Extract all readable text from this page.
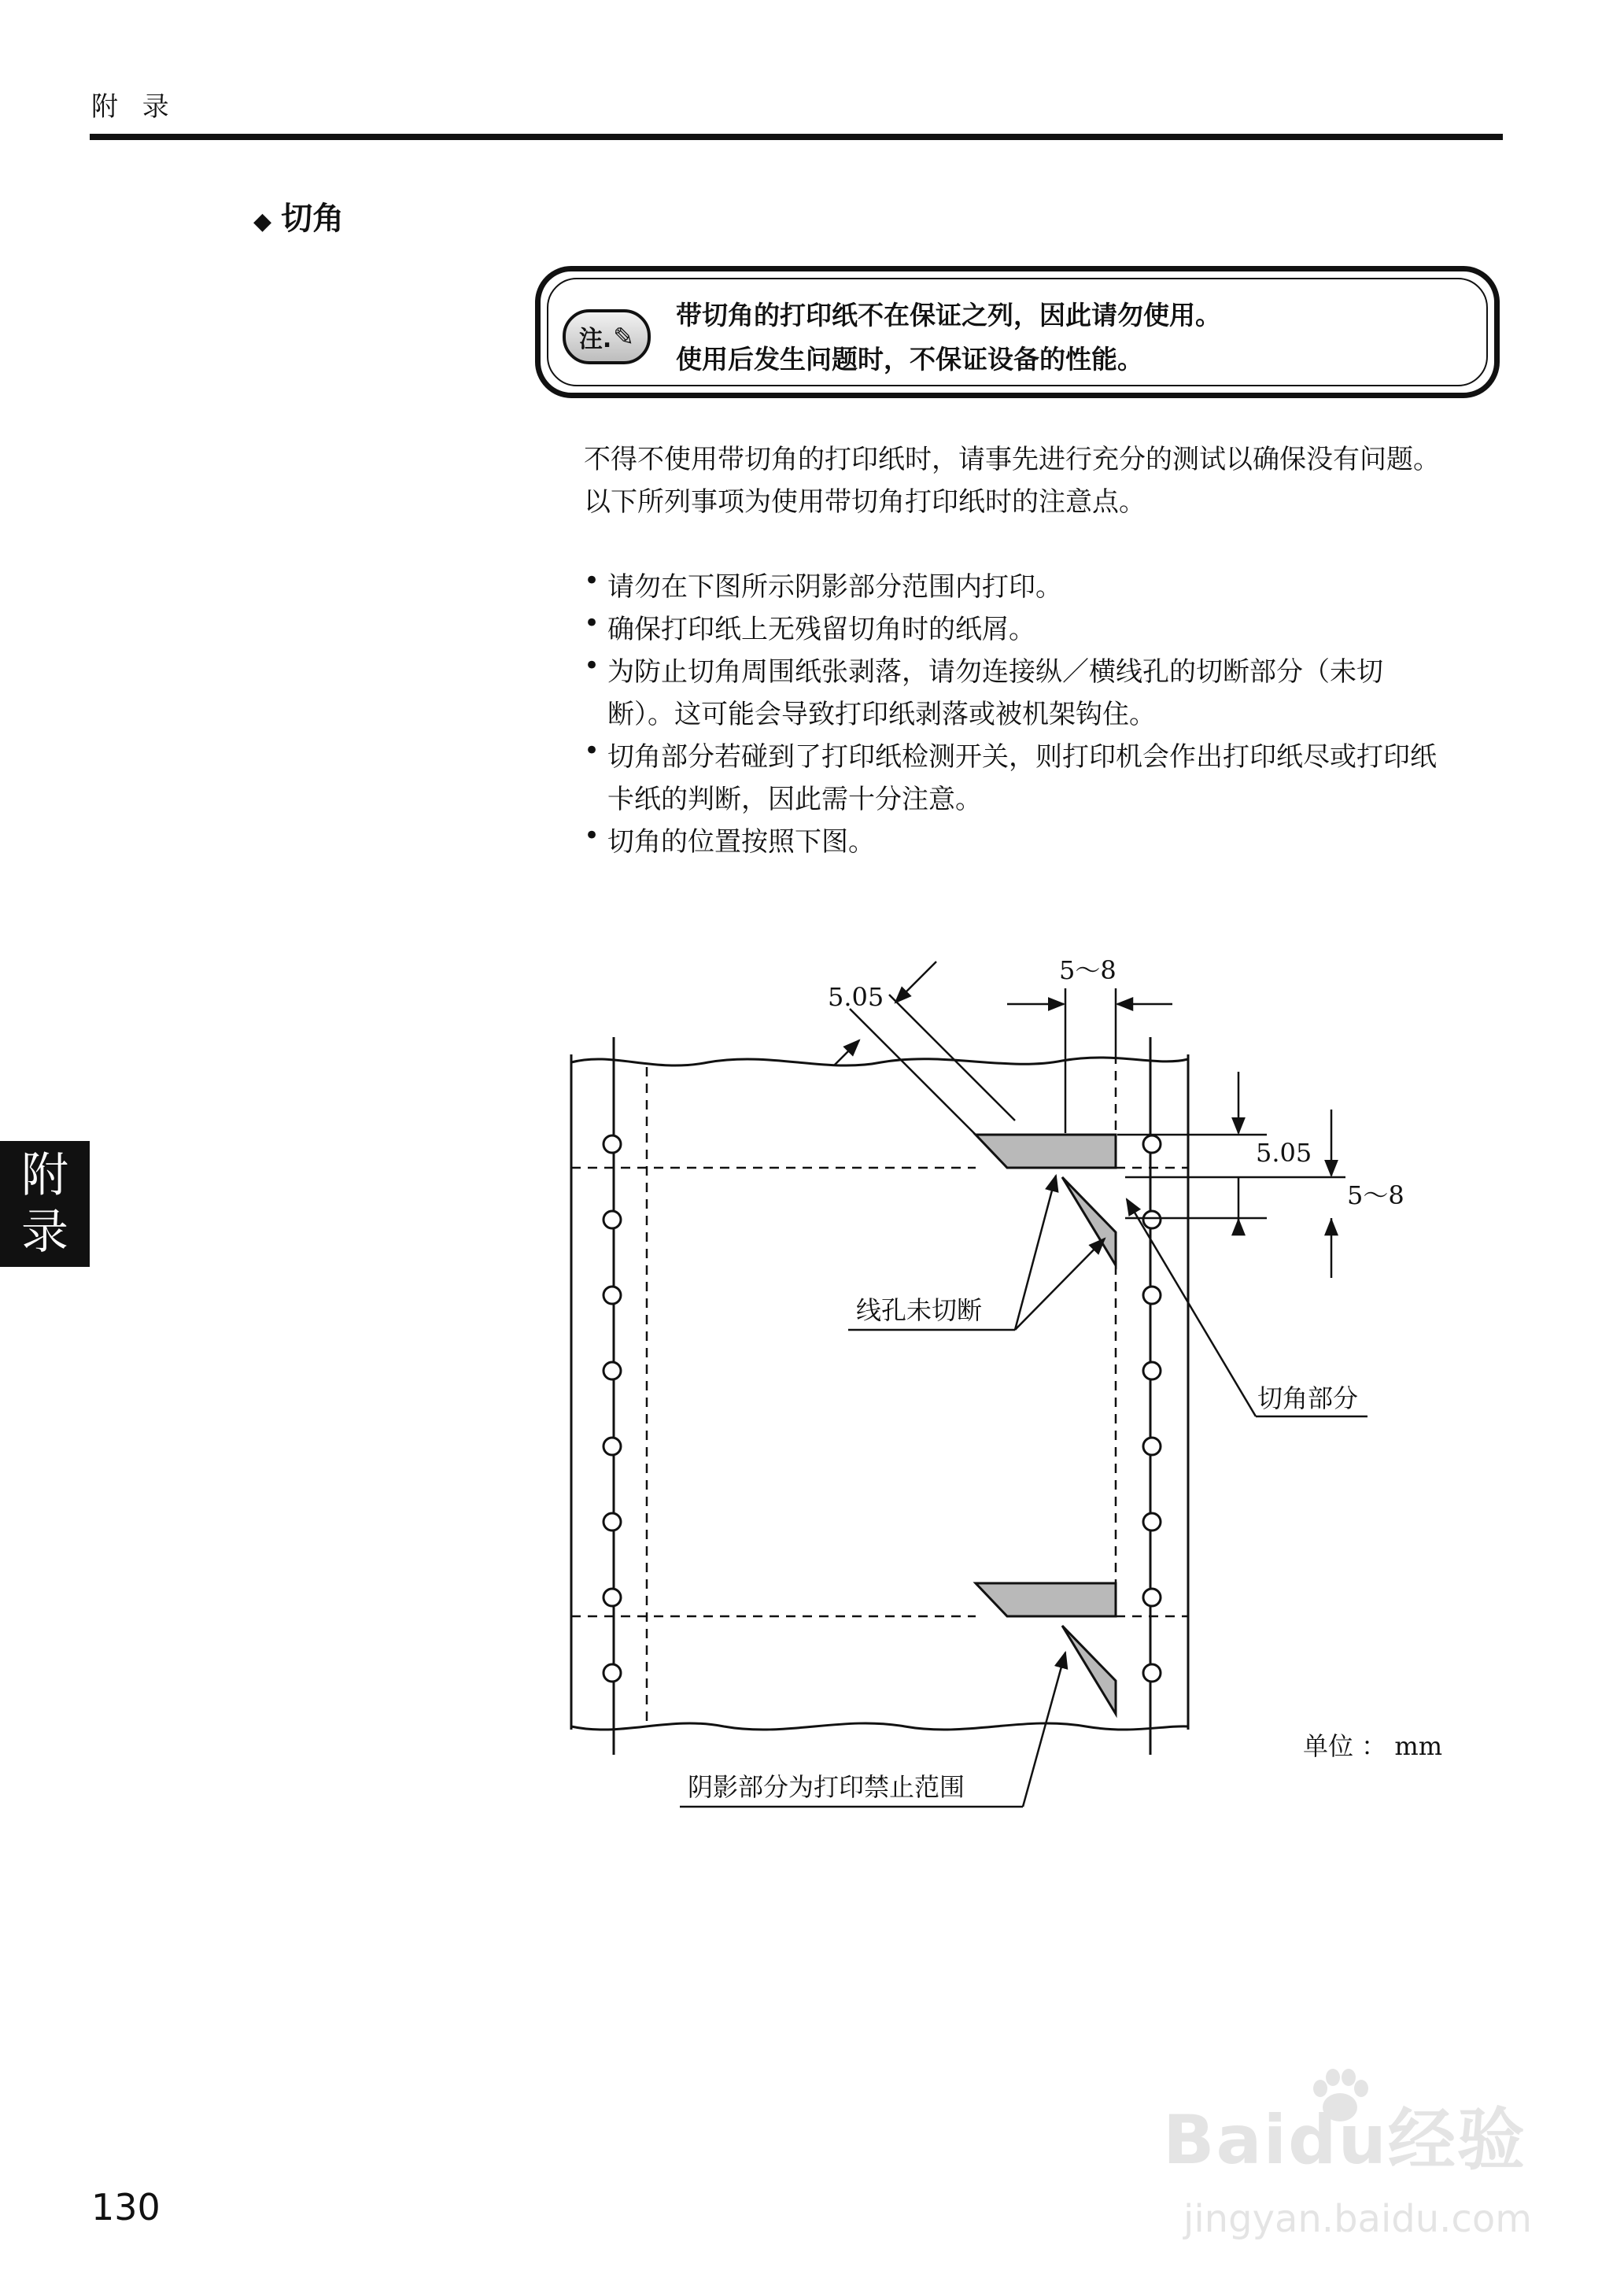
附 录
◆ 切角
注. ✎
带切角的打印纸不在保证之列，因此请勿使用。
使用后发生问题时，不保证设备的性能。
不得不使用带切角的打印纸时，请事先进行充分的测试以确保没有问题。
以下所列事项为使用带切角打印纸时的注意点。
• 请勿在下图所示阴影部分范围内打印。
• 确保打印纸上无残留切角时的纸屑。
• 为防止切角周围纸张剥落，请勿连接纵／横线孔的切断部分（未切
断）。这可能会导致打印纸剥落或被机架钩住。
• 切角部分若碰到了打印纸检测开关，则打印机会作出打印纸尽或打印纸
卡纸的判断，因此需十分注意。
• 切角的位置按照下图。
5.05
5～8
5.05
5～8
线孔未切断
切角部分
阴影部分为打印禁止范围
单位 ： mm
附
录
130
Baidu经验
jingyan.baidu.com
